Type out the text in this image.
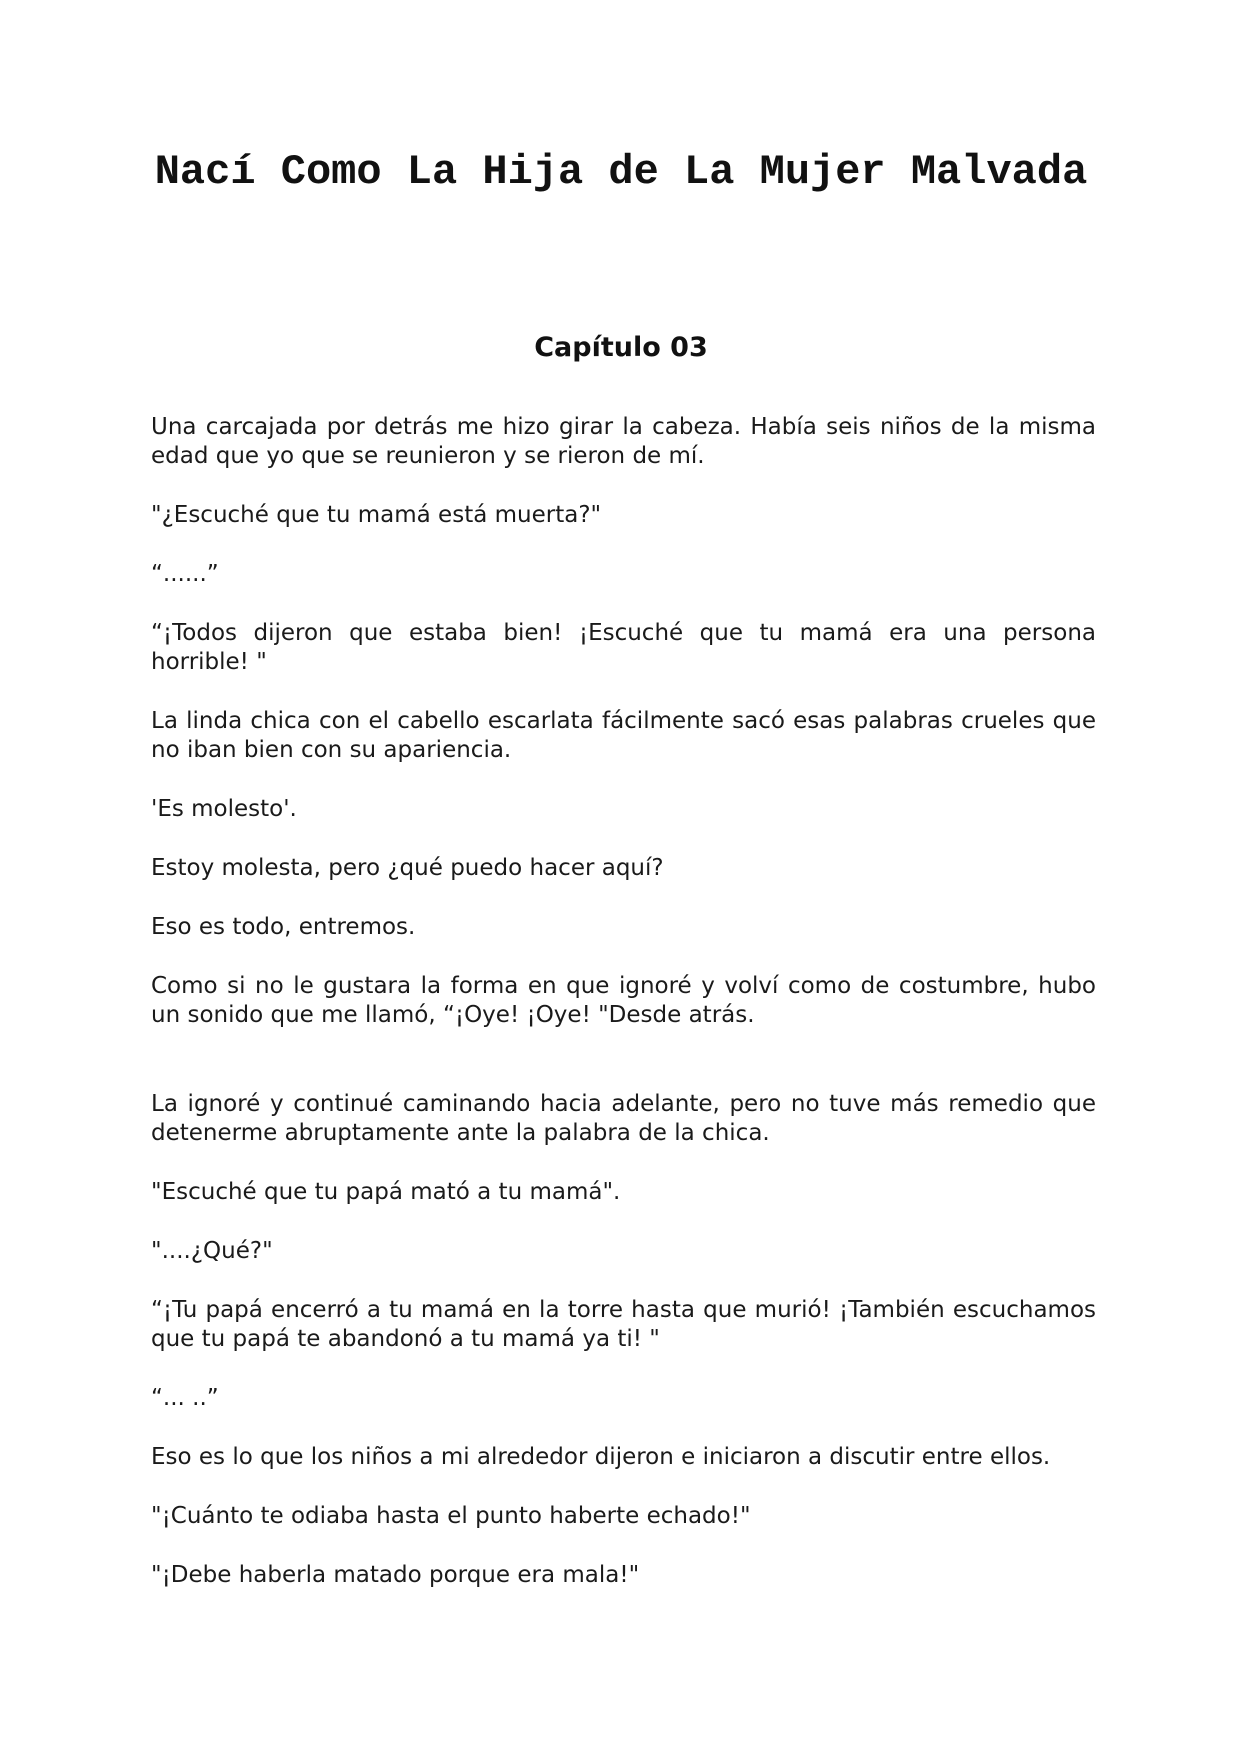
Nací Como La Hija de La Mujer Malvada
Capítulo 03

Una carcajada por detrás me hizo girar la cabeza. Había seis niños de la misma edad que yo que se reunieron y se rieron de mí.

"¿Escuché que tu mamá está muerta?"

“......”

“¡Todos dijeron que estaba bien! ¡Escuché que tu mamá era una persona horrible! "

La linda chica con el cabello escarlata fácilmente sacó esas palabras crueles que no iban bien con su apariencia.

'Es molesto'.

Estoy molesta, pero ¿qué puedo hacer aquí?

Eso es todo, entremos.

Como si no le gustara la forma en que ignoré y volví como de costumbre, hubo un sonido que me llamó, “¡Oye! ¡Oye! "Desde atrás.

La ignoré y continué caminando hacia adelante, pero no tuve más remedio que detenerme abruptamente ante la palabra de la chica.

"Escuché que tu papá mató a tu mamá".

"....¿Qué?"

“¡Tu papá encerró a tu mamá en la torre hasta que murió! ¡También escuchamos que tu papá te abandonó a tu mamá ya ti! "

“... ..”

Eso es lo que los niños a mi alrededor dijeron e iniciaron a discutir entre ellos.

"¡Cuánto te odiaba hasta el punto haberte echado!"

"¡Debe haberla matado porque era mala!"
